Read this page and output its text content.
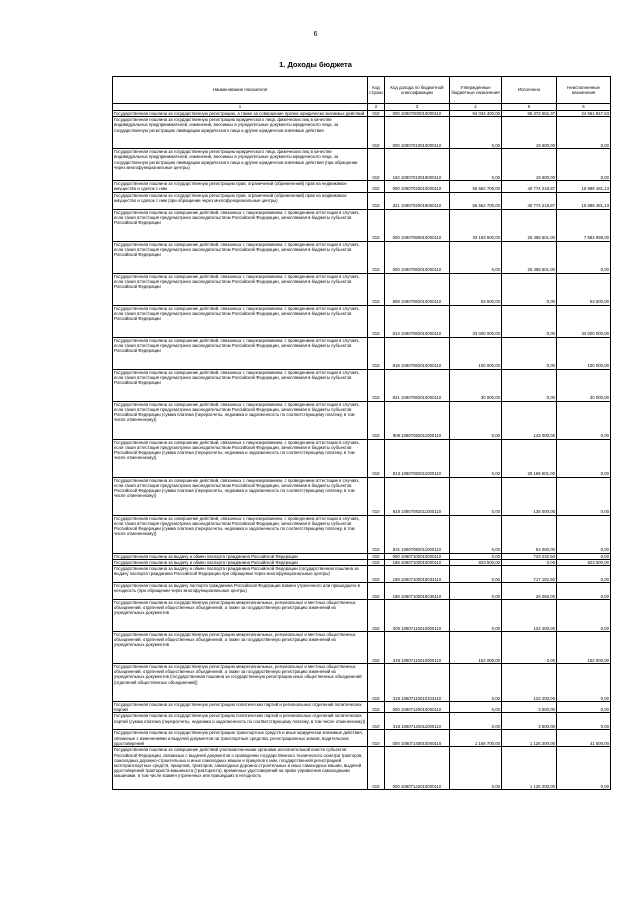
6
1. Доходы бюджета
Наименование показателя	Код строки	Код дохода по бюджетной классификации	Утвержденные бюджетные назначения	Исполнено	Неисполненные назначения
1	2	3	4	5	6
Государственная пошлина за государственную регистрацию, а также за совершение прочих юридически значимых действий	010	000 10807000010000110	94 034 400,00	69 372 552,37	24 661 847,63
Государственная пошлина за государственную регистрацию юридического лица, физических лиц в качестве индивидуальных предпринимателей, изменений, вносимых в учредительные документы юридического лица, за государственную регистрацию ликвидации юридического лица и другие юридически значимые действия	010	000 10807010010000110	0,00	19 600,00	0,00
Государственная пошлина за государственную регистрацию юридического лица, физических лиц в качестве индивидуальных предпринимателей, изменений, вносимых в учредительные документы юридического лица, за государственную регистрацию ликвидации юридического лица и другие юридически значимые действия (при обращении через многофункциональные центры)	010	182 10807010018000110	0,00	19 600,00	0,00
Государственная пошлина за государственную регистрацию прав, ограничений (обременений) прав на недвижимое имущество и сделок с ним	010	000 10807020010000110	56 662 700,00	40 774 218,87	15 888 481,13
Государственная пошлина за государственную регистрацию прав, ограничений (обременений) прав на недвижимое имущество и сделок с ним (при обращении через многофункциональные центры)	010	321 10807020018000110	56 662 700,00	40 774 218,87	15 888 481,13
Государственная пошлина за совершение действий, связанных с лицензированием, с проведением аттестации в случаях, если такая аттестация предусмотрена законодательством Российской Федерации, зачисляемая в бюджеты субъектов Российской Федерации	010	000 10807080010000110	33 183 500,00	25 498 501,00	7 684 999,00
Государственная пошлина за совершение действий, связанных с лицензированием, с проведением аттестации в случаях, если такая аттестация предусмотрена законодательством Российской Федерации, зачисляемая в бюджеты субъектов Российской Федерации	010	000 10807082010000110	0,00	25 498 501,00	0,00
Государственная пошлина за совершение действий, связанных с лицензированием, с проведением аттестации в случаях, если такая аттестация предусмотрена законодательством Российской Федерации, зачисляемая в бюджеты субъектов Российской Федерации	010	809 10807082010000110	53 500,00	0,00	53 500,00
Государственная пошлина за совершение действий, связанных с лицензированием, с проведением аттестации в случаях, если такая аттестация предусмотрена законодательством Российской Федерации, зачисляемая в бюджеты субъектов Российской Федерации	010	813 10807082010000110	33 000 000,00	0,00	33 000 000,00
Государственная пошлина за совершение действий, связанных с лицензированием, с проведением аттестации в случаях, если такая аттестация предусмотрена законодательством Российской Федерации, зачисляемая в бюджеты субъектов Российской Федерации	010	818 10807082010000110	100 000,00	0,00	100 000,00
Государственная пошлина за совершение действий, связанных с лицензированием, с проведением аттестации в случаях, если такая аттестация предусмотрена законодательством Российской Федерации, зачисляемая в бюджеты субъектов Российской Федерации	010	831 10807082010000110	30 000,00	0,00	30 000,00
Государственная пошлина за совершение действий, связанных с лицензированием, с проведением аттестации в случаях, если такая аттестация предусмотрена законодательством Российской Федерации, зачисляемая в бюджеты субъектов Российской Федерации (сумма платежа (перерасчеты, недоимка и задолженность по соответствующему платежу, в том числе отмененному))	010	809 10807082011000110	0,00	143 000,00	0,00
Государственная пошлина за совершение действий, связанных с лицензированием, с проведением аттестации в случаях, если такая аттестация предусмотрена законодательством Российской Федерации, зачисляемая в бюджеты субъектов Российской Федерации (сумма платежа (перерасчеты, недоимка и задолженность по соответствующему платежу, в том числе отмененному))	010	813 10807082011000110	0,00	25 166 501,00	0,00
Государственная пошлина за совершение действий, связанных с лицензированием, с проведением аттестации в случаях, если такая аттестация предусмотрена законодательством Российской Федерации, зачисляемая в бюджеты субъектов Российской Федерации (сумма платежа (перерасчеты, недоимка и задолженность по соответствующему платежу, в том числе отмененному))	010	818 10807082011000110	0,00	135 000,00	0,00
Государственная пошлина за совершение действий, связанных с лицензированием, с проведением аттестации в случаях, если такая аттестация предусмотрена законодательством Российской Федерации, зачисляемая в бюджеты субъектов Российской Федерации (сумма платежа (перерасчеты, недоимка и задолженность по соответствующему платежу, в том числе отмененному))	010	831 10807082011000110	0,00	54 000,00	0,00
Государственная пошлина за выдачу и обмен паспорта гражданина Российской Федерации	010	000 10807100010000110	0,00	743 232,50	0,00
Государственная пошлина за выдачу и обмен паспорта гражданина Российской Федерации	010	188 10807100010000110	823 500,00	0,00	823 500,00
Государственная пошлина за выдачу и обмен паспорта гражданина Российской Федерации (государственная пошлина за выдачу паспорта гражданина Российской Федерации при обращении через многофункциональные центры)	010	188 10807100018034110	0,00	717 182,50	0,00
Государственная пошлина за выдачу паспорта гражданина Российской Федерации взамен утраченного или пришедшего в негодность (при обращении через многофункциональные центры)	010	188 10807100018035110	0,00	26 050,00	0,00
Государственная пошлина за государственную регистрацию межрегиональных, региональных и местных общественных объединений, отделений общественных объединений, а также за государственную регистрацию изменений их учредительных документов	010	000 10807110010000110	0,00	122 400,00	0,00
Государственная пошлина за государственную регистрацию межрегиональных, региональных и местных общественных объединений, отделений общественных объединений, а также за государственную регистрацию изменений их учредительных документов	010	318 10807110010000110	152 000,00	0,00	152 000,00
Государственная пошлина за государственную регистрацию межрегиональных, региональных и местных общественных объединений, отделений общественных объединений, а также за государственную регистрацию изменений их учредительных документов (государственная пошлина за государственную регистрацию иных общественных объединений (отделений общественных объединений))	010	318 10807110010103110	0,00	122 400,00	0,00
Государственная пошлина за государственную регистрацию политических партий и региональных отделений политических партий	010	000 10807120010000110	0,00	3 500,00	0,00
Государственная пошлина за государственную регистрацию политических партий и региональных отделений политических партий (сумма платежа (перерасчеты, недоимка и задолженность по соответствующему платежу, в том числе отмененному))	010	318 10807120011000110	0,00	3 500,00	0,00
Государственная пошлина за государственную регистрацию транспортных средств и иные юридически значимые действия, связанные с изменениями и выдачей документов на транспортные средства, регистрационных знаков, водительских удостоверений	010	000 10807140010000110	1 166 700,00	1 125 200,00	41 500,00
Государственная пошлина за совершение действий уполномоченными органами исполнительной власти субъектов Российской Федерации, связанных с выдачей документов о проведении государственного технического осмотра тракторов, самоходных дорожно-строительных и иных самоходных машин и прицепов к ним, государственной регистрацией мототранспортных средств, прицепов, тракторов, самоходных дорожно-строительных и иных самоходных машин, выдачей удостоверений тракториста-машиниста (тракториста), временных удостоверений на право управления самоходными машинами, в том числе взамен утраченных или пришедших в негодность	010	000 10807142010000110	0,00	1 125 200,00	0,00
